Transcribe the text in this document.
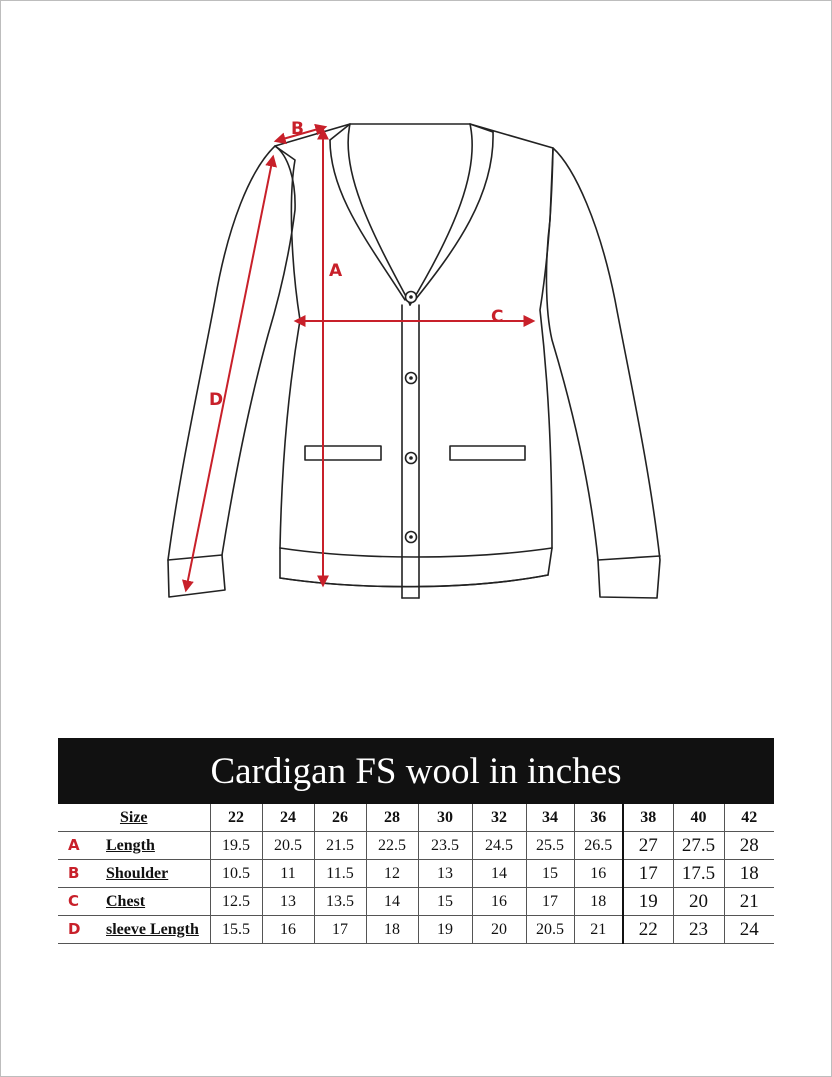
B
A
C
D
Cardigan FS wool in inches
Size	22	24	26	28	30	32	34	36	38	40	42
A Length	19.5	20.5	21.5	22.5	23.5	24.5	25.5	26.5	27	27.5	28
B Shoulder	10.5	11	11.5	12	13	14	15	16	17	17.5	18
C Chest	12.5	13	13.5	14	15	16	17	18	19	20	21
D sleeve Length	15.5	16	17	18	19	20	20.5	21	22	23	24
